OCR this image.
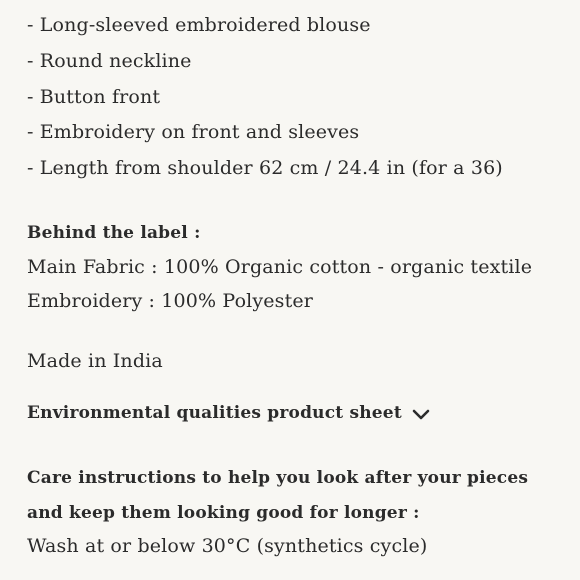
- Long-sleeved embroidered blouse
- Round neckline
- Button front
- Embroidery on front and sleeves
- Length from shoulder 62 cm / 24.4 in (for a 36)
Behind the label :
Main Fabric : 100% Organic cotton - organic textile
Embroidery : 100% Polyester
Made in India
Environmental qualities product sheet
Care instructions to help you look after your pieces
and keep them looking good for longer :
Wash at or below 30°C (synthetics cycle)
